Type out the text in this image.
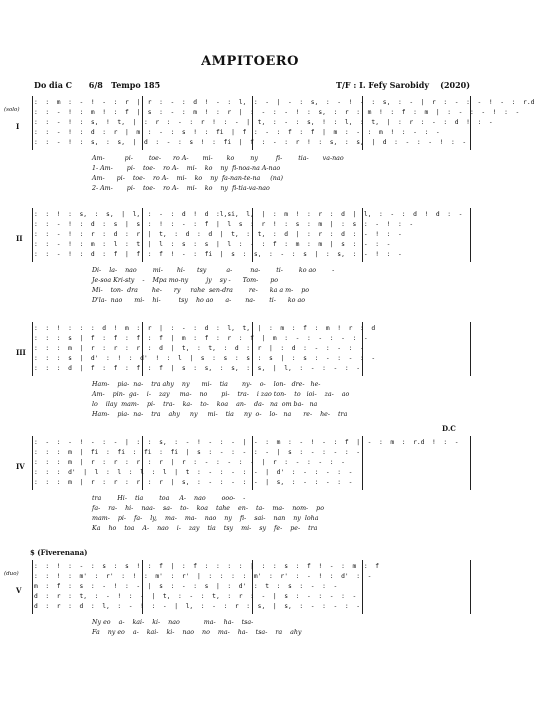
AMPITOERO
Do dia C 6/8 Tempo 185	T/F : I. Fefy Sarobidy (2020)
I
(solo)
:  :  m  :  -  !  -  :  r  |  r  :  -  :  d  !  -  :  l,  :  -  |  -  :  s,  :  -  !  -  :  s,  :  -  |  r  :  -  :  -  !  -  :  r.d
:  :  -  !  :  m  !  :  f  |  s  :  -  :  m  !  :  r  |  :  -  :  -  !  :  s,  :  r  :  m  !  :  f  :  m  |  :  -  :  -  !  :  -
:  :  -  !  :  s,  !  t,  |  :  r  :  -  :  r  !  :  -  |  t,  :  -  :  s,  !  :  l,  :  t,  |  :  r  :  -  :  d  !  :  -
:  :  -  !  :  d  :  r  |  m  :  -  :  s  !  :  fi  |  f  :  -  :  f  :  f  |  m  :  -  :  m  !  :  -  :  -
:  :  -  !  :  s,  :  s,  |  d  :  -  :  s  !  :  fi  |  f  :  -  :  r  !  :  s,  :  s,  |  d  :  -  :  -  !  :  -
Am-          pi-        toe-      ro A-       mi-       ko        ny         fi-        tia-       va-nao
1- Am-       pi-    toe-    ro A-    mi-    ko    ny  fi-noa-na A-nao
Am-      pi-    toe-    ro A-    mi-    ko    ny  fa-nan-te-na     (na)
2- Am-       pi-    toe-    ro A-    mi-    ko    ny  fi-tia-va-nao
II
:  :  !  :  s,  :  s,  |  l,  :  -  :  d  !  d  :l,si,  l,  |  :  m  !  :  r  :  d  |  l,  :  -  :  d  !  d  :  -
:  :  -  !  :  d  :  s  |  s  :  !  :  -  :  f  |  l  s  :  r  !  :  s  :  m  |  :  s  :  -  !  :  -
:  :  -  !  :  r  :  d  :  r  |  t,  :  d  :  d  |  t,  :  t,  :  d  |  :  r  :  d  :  -  !  :  -
:  :  -  !  :  m  :  l  :  t  |  l  :  s  :  s  |  l  :  -  :  f  :  m  :  m  |  s  :  -  :  -
:  :  -  !  :  d  :  f  |  f  :  f  !  -  :  fi  |  s  :  s,  :  -  :  s  |  :  s,  :  -  !  :  -
Di-    la-    nao        mi-       hi-      tsy          a-         na-        ti-        ko ao        -
Je-soa Kri-sty    -    Mpa mo-ny         jy    sy -      Tom-      po
Mi-    ton-  dra       he-      ry     rahe  sen-dra        re-      ka a m-    po
D'la-  nao      mi-    hi-         tsy    ho ao      a-       na-       ti-      ko ao
III
:  :  !  :  :  :  d  !  m  :  r  |  :  -  :  d  :  l,  t,  |  :  m  :  f  :  m  !  r  :  d
:  :  :  s  |  f  :  f  :  f  :  f  |  m  :  f  :  r  :  f  |  m  :  -  :  -  :  -  :  -
:  :  :  m  |  r  :  r  :  r  :  d  |  t,  :  t,  :  d  :  r  |  :  d  :  -  :  -  :  -
:  :  :  s  |  d'  :  !  :  d'  !  :  l  |  s  :  s  :  s  :  s  |  :  s  :  -  :  -  :  -
:  :  :  d  |  f  :  f  :  f  :  f  |  s  :  s,  :  s,  :  s,  |  l,  :  -  :  -  :  -
Ham-    pia-  na-    tra ahy    ny      mi-    tia       ny-    o-    lon-   dre-   he-
Am-    pin-  ga-    i-    zay     ma-    no       pi-    tra-    i zao ton-    to   ioi-    za-    ao
lo    ilay  mam-    pi-    tra-    ka-    to-    koa    an-    da-   na  om ba-   na
Ham-    pia-  na-    tra    ahy     ny     mi-    tia     ny  o-    lo-   na      re-    he-    tra
D.C
IV
:  -  :  -  !  -  :  -  |  :  :  s,  :  -  !  -  :  -  |  -  :  m  :  -  !  -  :  f  |  -  :  m  :  r.d  !  :  -
:  :  :  m  |  fi  :  fi  :  fi  :  fi  |  s  :  -  :  -  :  -  |  s  :  -  :  -  :  -
:  :  :  m  |  r  :  r  :  r  :  r  |  r  :  -  :  -  :  -  |  r  :  -  :  -  :  -
:  :  :  d'  |  l  :  l  :  l  :  l  |  t  :  -  :  -  :  -  |  d'  :  -  :  -  :  -
:  :  :  m  |  r  :  r  :  r  :  r  |  s,  :  -  :  -  :  -  |  s,  :  -  :  -  :  -
tra        Hi-    tia        toa     A-    nao        ooo-    -
fa-    ra-    hi-    naa-    sa-    to-    koa    tahe    en-    ta-    ma-    nom-    po
mam-    pi-    fa-    ly,    ma-    ma-    nao    ny    fi-    sai-    nan    ny  loha
Ka    ho    toa    A-    nao    i-    zay    tia    tsy    mi-    sy    fe-    pe-    tra
$ (Fiverenana)
V
(duo)
:  :  !  :  -  :  s  :  s  !  :  f  |  :  f  :  :  :  :  |  :  :  s  :  f  !  -  :  m  :  f
:  :  !  :  m'  :  r'  :  !  :  m'  :  r'  |  :  :  :  :  m'  :  r'  :  -  !  :  d'  :  -
m  :  f  :  s  :  -  !  :  -  |  s  :  -  :  s  |  :  d'  :  t  :  s  :  -  :  -
d  :  r  :  t,  :  -  !  :  -  |  t,  :  -  :  t,  :  r  :  -  |  s  :  -  :  -  :  -
d  :  r  :  d  :  l,  :  -  !  :  -  |  l,  :  -  :  r  :  s,  |  s,  :  -  :  -  :  -
Ny eo    a-    kai-    ki-    nao            ma-    ha-    tsa-
Fa    ny eo    a-    kai-    ki-    nao    no    ma-    ha-    tsa-    ra    ahy
